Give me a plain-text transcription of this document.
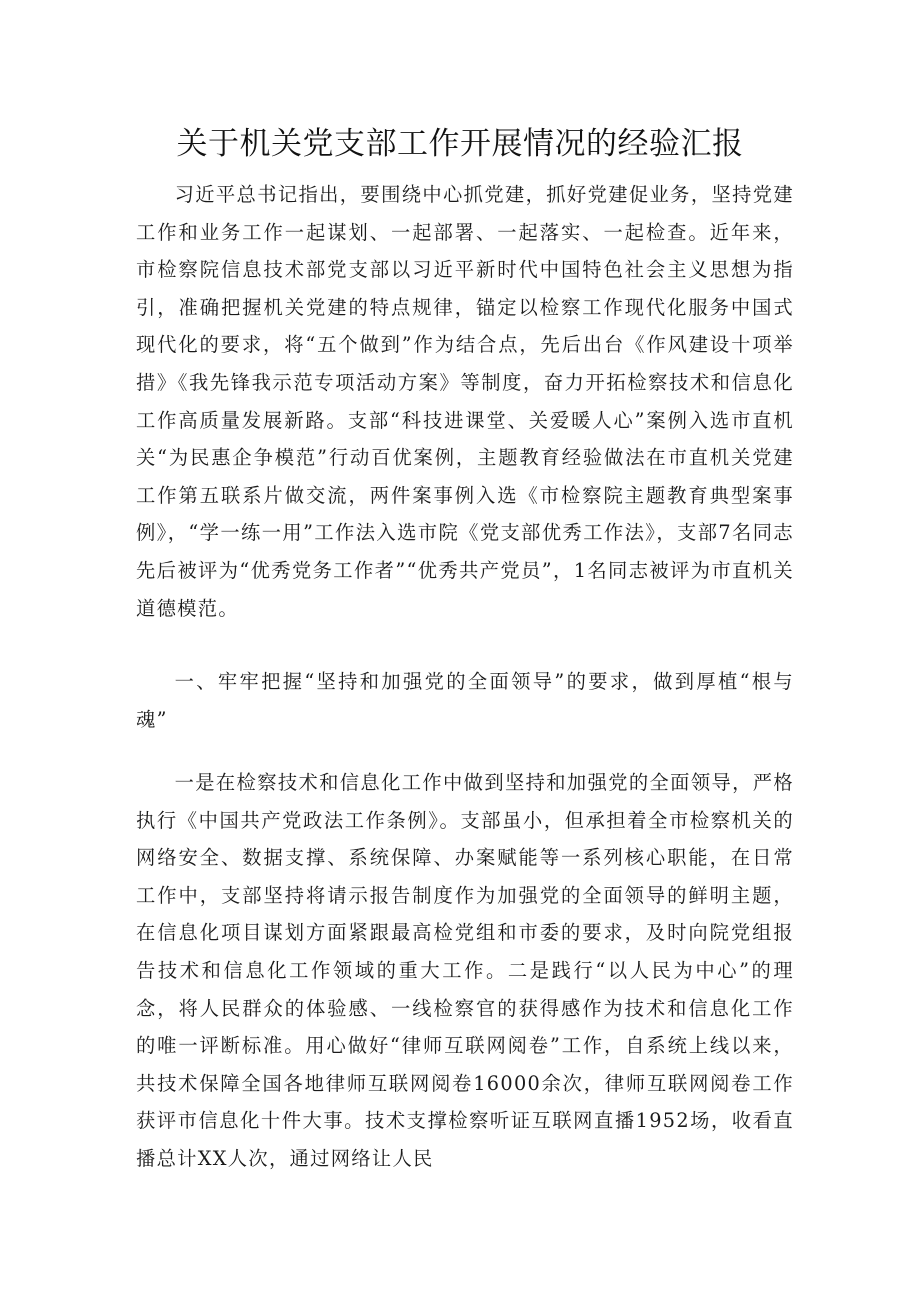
关于机关党支部工作开展情况的经验汇报

习近平总书记指出，要围绕中心抓党建，抓好党建促业务，坚持党建工作和业务工作一起谋划、一起部署、一起落实、一起检查。近年来，市检察院信息技术部党支部以习近平新时代中国特色社会主义思想为指引，准确把握机关党建的特点规律，锚定以检察工作现代化服务中国式现代化的要求，将“五个做到”作为结合点，先后出台《作风建设十项举措》《我先锋我示范专项活动方案》等制度，奋力开拓检察技术和信息化工作高质量发展新路。支部“科技进课堂、关爱暖人心”案例入选市直机关“为民惠企争模范”行动百优案例，主题教育经验做法在市直机关党建工作第五联系片做交流，两件案事例入选《市检察院主题教育典型案事例》，“学一练一用”工作法入选市院《党支部优秀工作法》，支部7名同志先后被评为“优秀党务工作者”“优秀共产党员”，1名同志被评为市直机关道德模范。

一、牢牢把握“坚持和加强党的全面领导”的要求，做到厚植“根与魂”

一是在检察技术和信息化工作中做到坚持和加强党的全面领导，严格执行《中国共产党政法工作条例》。支部虽小，但承担着全市检察机关的网络安全、数据支撑、系统保障、办案赋能等一系列核心职能，在日常工作中，支部坚持将请示报告制度作为加强党的全面领导的鲜明主题，在信息化项目谋划方面紧跟最高检党组和市委的要求，及时向院党组报告技术和信息化工作领域的重大工作。二是践行“以人民为中心”的理念，将人民群众的体验感、一线检察官的获得感作为技术和信息化工作的唯一评断标准。用心做好“律师互联网阅卷”工作，自系统上线以来，共技术保障全国各地律师互联网阅卷16000余次，律师互联网阅卷工作获评市信息化十件大事。技术支撑检察听证互联网直播1952场，收看直播总计XX人次，通过网络让人民
